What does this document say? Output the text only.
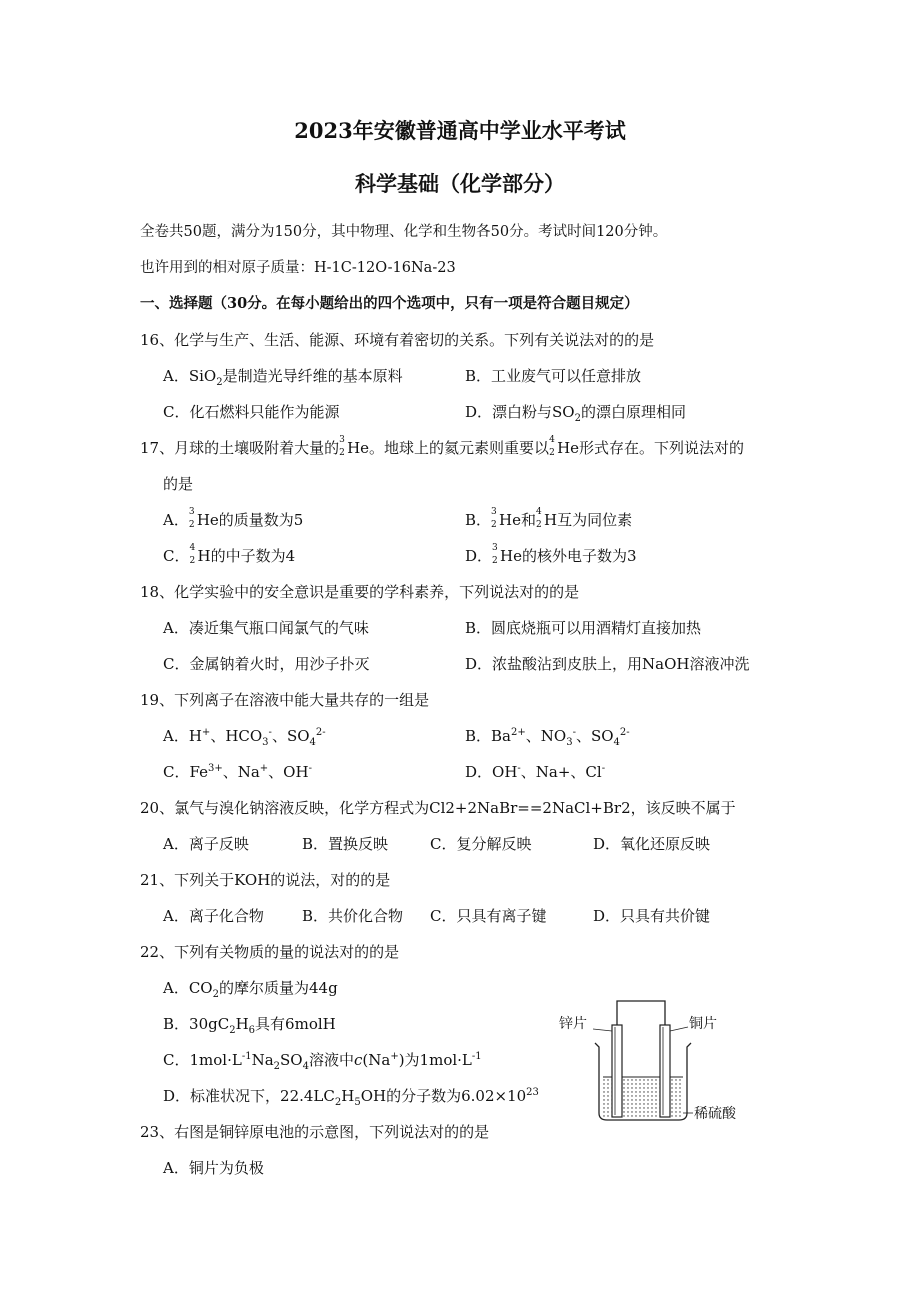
2023年安徽普通高中学业水平考试
科学基础（化学部分）
全卷共50题，满分为150分，其中物理、化学和生物各50分。考试时间120分钟。
也许用到的相对原子质量：H-1C-12O-16Na-23
一、选择题（30分。在每小题给出的四个选项中，只有一项是符合题目规定）
16、化学与生产、生活、能源、环境有着密切的关系。下列有关说法对的的是
A．SiO$_2$是制造光导纤维的基本原料	B．工业废气可以任意排放
C．化石燃料只能作为能源	D．漂白粉与$SO_2$的漂白原理相同
17、月球的土壤吸附着大量的 3
2 He。地球上的氦元素则重要以 4
2 He形式存在。下列说法对的
的是
A． 3
2 He的质量数为5	B． 3
2 He和 4
2 H互为同位素
C． 4
2 H的中子数为4	D． 3
2 He的核外电子数为3
18、化学实验中的安全意识是重要的学科素养，下列说法对的的是
A．凑近集气瓶口闻氯气的气味	B．圆底烧瓶可以用酒精灯直接加热
C．金属钠着火时，用沙子扑灭	D．浓盐酸沾到皮肤上，用NaOH溶液冲洗
19、下列离子在溶液中能大量共存的一组是
A．H+、$HCO_3^-$、$SO_4^{2-}$	B．$Ba^{2+}$、$NO_3^-$、$SO_4^{2-}$
C．$Fe^{3+}$、Na+、OH-	D．OH-、Na+、Cl-
20、氯气与溴化钠溶液反映，化学方程式为Cl2+2NaBr==2NaCl+Br2，该反映不属于
A．离子反映	B．置换反映	C．复分解反映	D．氧化还原反映
21、下列关于KOH的说法，对的的是
A．离子化合物	B．共价化合物 C．只具有离子键	D．只具有共价键
22、下列有关物质的量的说法对的的是
A．$CO_2$的摩尔质量为44g
B．$30gC_2H_6$具有6molH
C．$1mol\cdot L^{-1}Na_2SO_4$溶液中c(Na+)为$1mol\cdot L^{-1}$
D．标准状况下，$22.4LC_2H_5OH$的分子数为$6.02\times 10^{23}$
23、右图是铜锌原电池的示意图，下列说法对的的是
A．铜片为负极
锌片	铜片
稀硫酸
